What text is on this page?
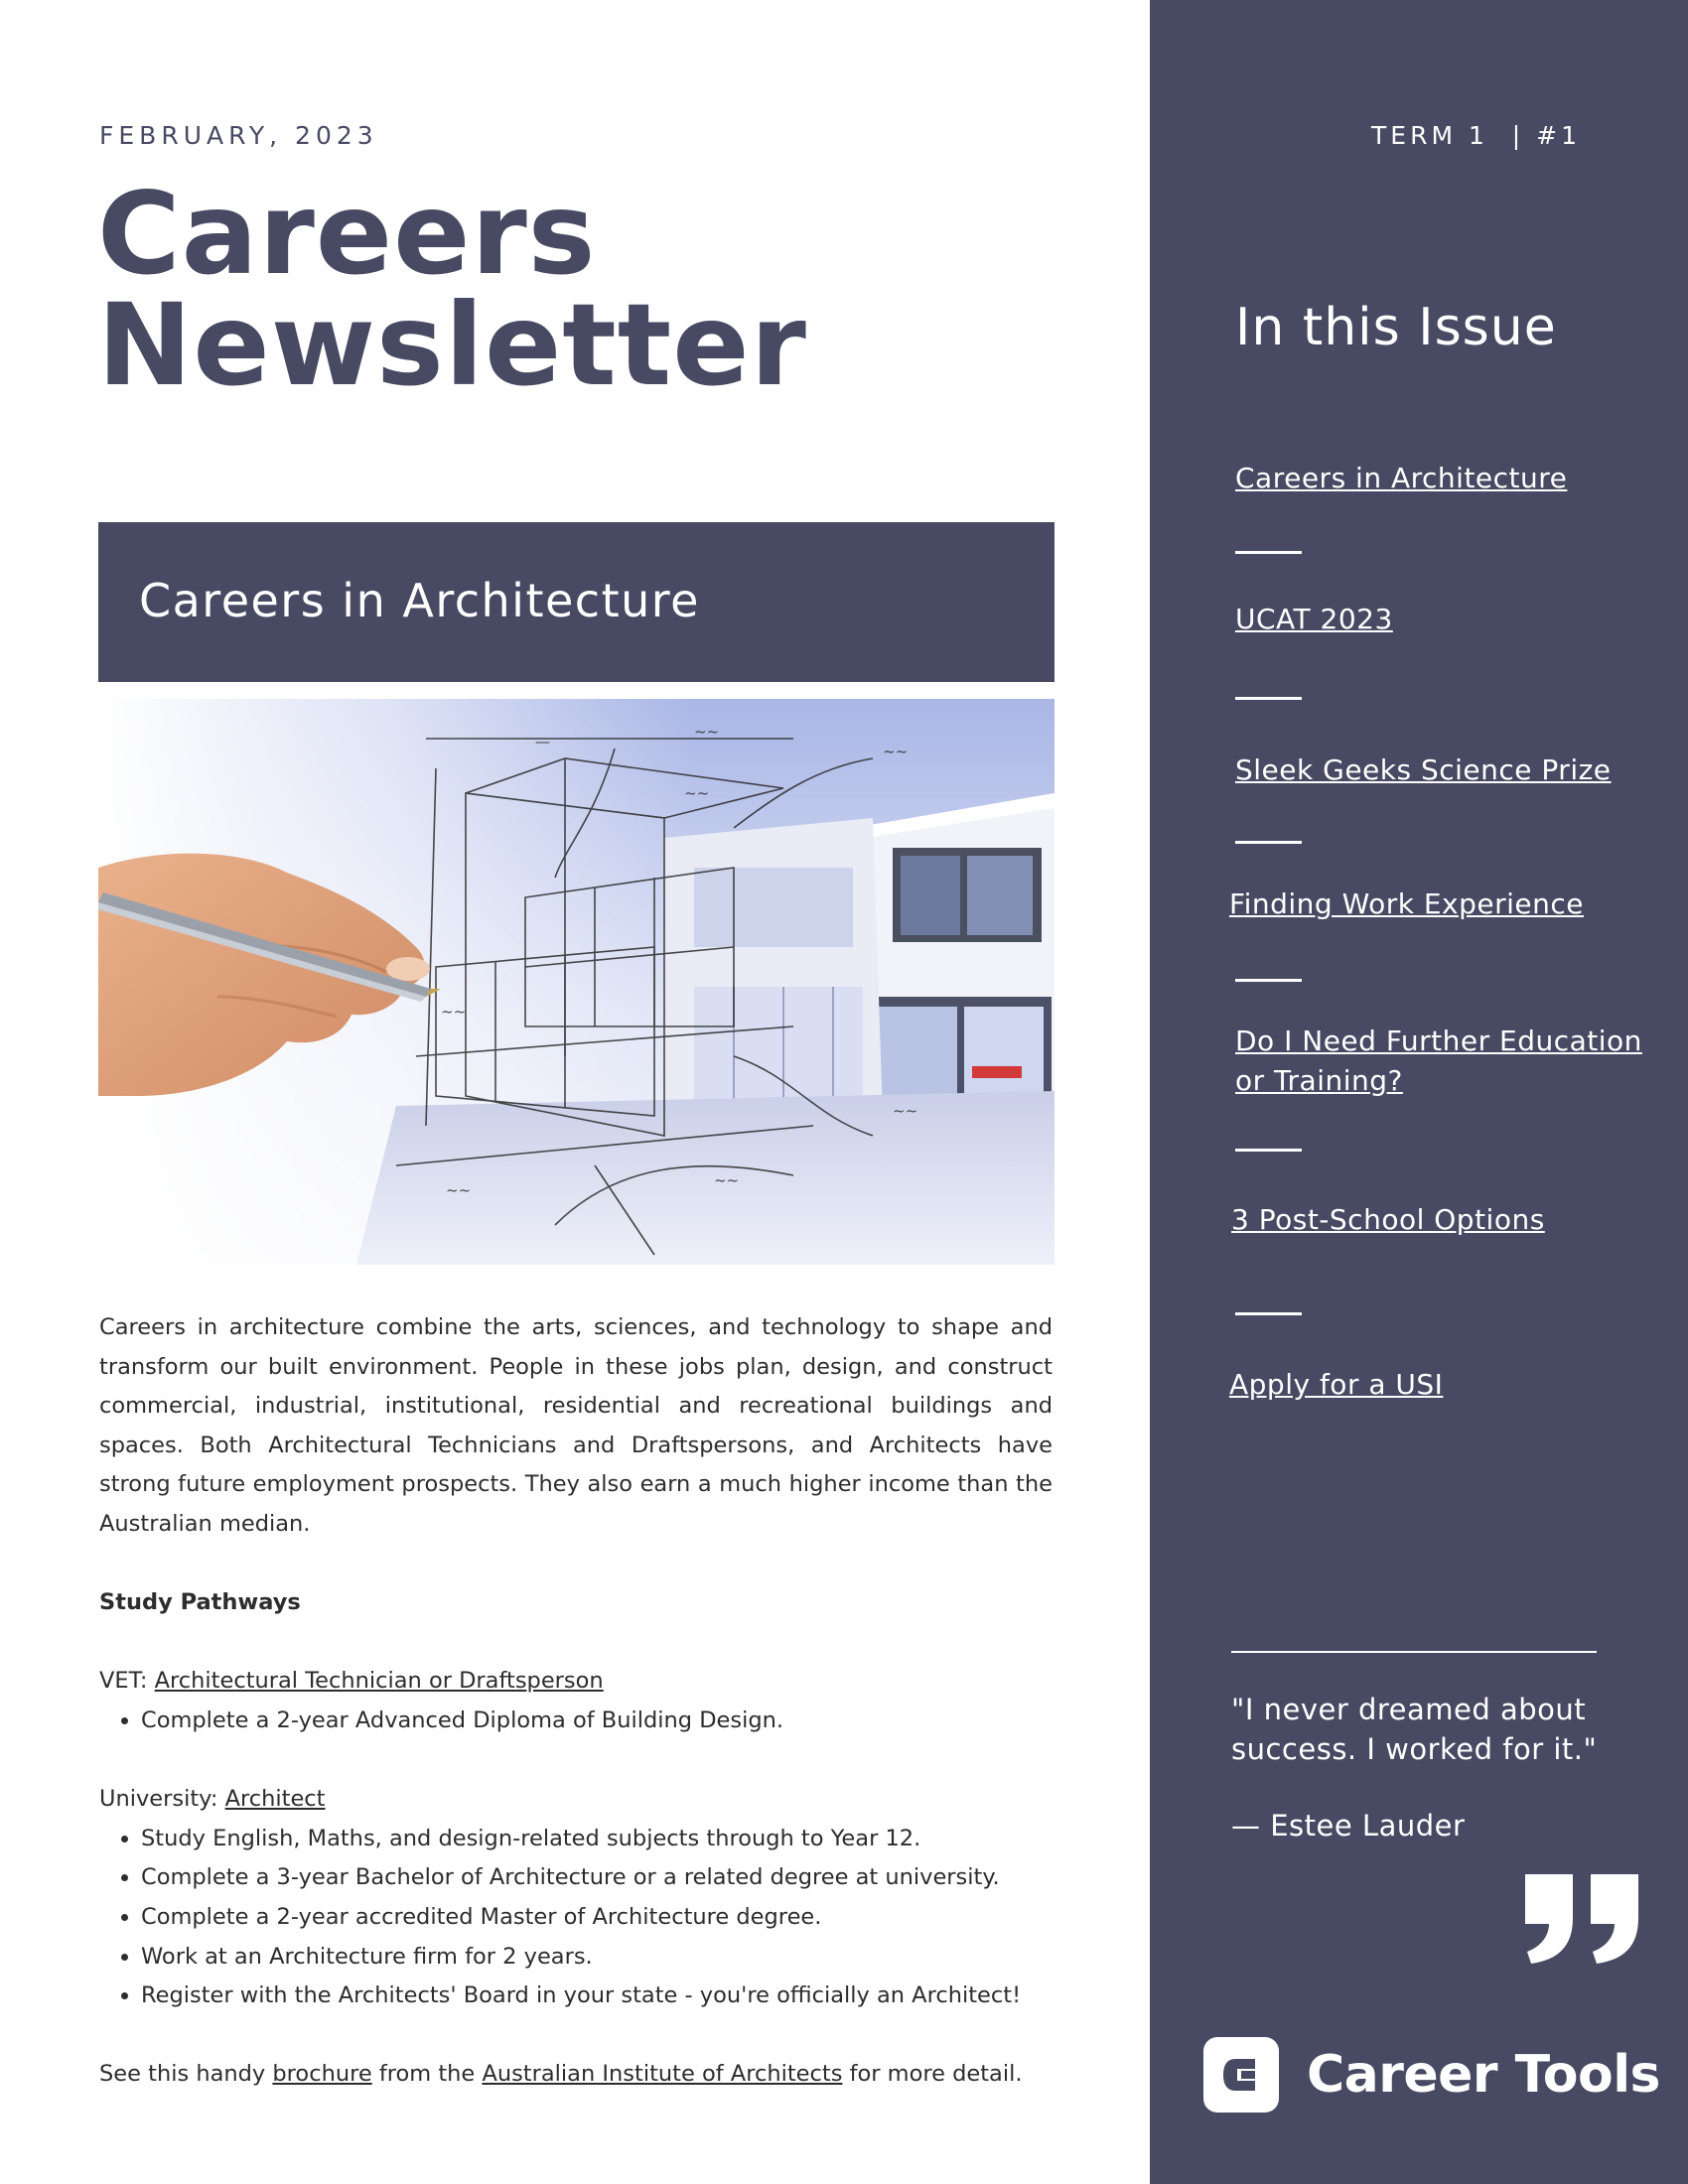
FEBRUARY, 2023
Careers
Newsletter
Careers in Architecture
—
~~
~~
~~
~~
~~
~~
~~

Careers in architecture combine the arts, sciences, and technology to shape and transform our built environment. People in these jobs plan, design, and construct commercial, industrial, institutional, residential and recreational buildings and spaces. Both Architectural Technicians and Draftspersons, and Architects have strong future employment prospects. They also earn a much higher income than the Australian median.

Study Pathways
VET: Architectural Technician or Draftsperson
• Complete a 2-year Advanced Diploma of Building Design.
University: Architect
• Study English, Maths, and design-related subjects through to Year 12.
• Complete a 3-year Bachelor of Architecture or a related degree at university.
• Complete a 2-year accredited Master of Architecture degree.
• Work at an Architecture firm for 2 years.
• Register with the Architects' Board in your state - you're officially an Architect!
See this handy brochure from the Australian Institute of Architects for more detail.
TERM 1  | #1
In this Issue
Careers in Architecture
UCAT 2023
Sleek Geeks Science Prize
Finding Work Experience
Do I Need Further Education or Training?
3 Post-School Options
Apply for a USI
"I never dreamed about success. I worked for it."
— Estee Lauder
Career Tools
